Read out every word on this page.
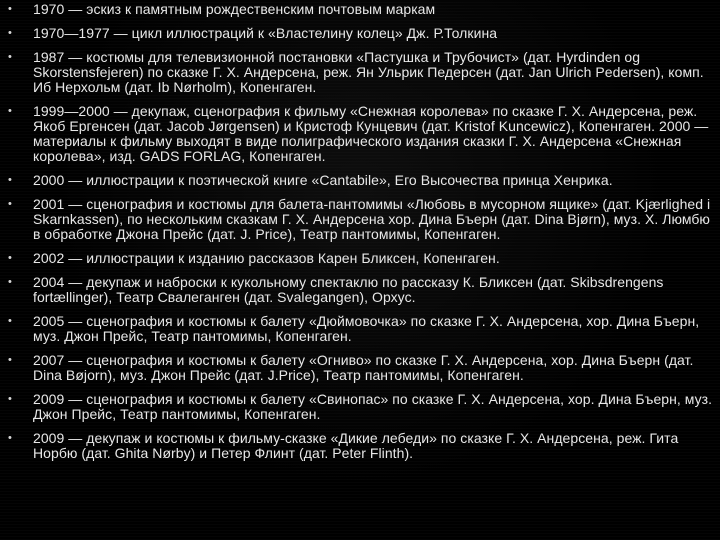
• 1970 — эскиз к памятным рождественским почтовым маркам
• 1970—1977 — цикл иллюстраций к «Властелину колец» Дж. Р.Толкина
• 1987 — костюмы для телевизионной постановки «Пастушка и Трубочист» (дат. Hyrdinden og Skorstensfejeren) по сказке Г. Х. Андерсена, реж. Ян Ульрик Педерсен (дат. Jan Ulrich Pedersen), комп. Иб Нерхольм (дат. Ib Nørholm), Копенгаген.
• 1999—2000 — декупаж, сценография к фильму «Снежная королева» по сказке Г. Х. Андерсена, реж. Якоб Ергенсен (дат. Jacob Jørgensen) и Кристоф Кунцевич (дат. Kristof Kuncewicz), Копенгаген. 2000 — материалы к фильму выходят в виде полиграфического издания сказки Г. Х. Андерсена «Снежная королева», изд. GADS FORLAG, Копенгаген.
• 2000 — иллюстрации к поэтической книге «Cantabile», Его Высочества принца Хенрика.
• 2001 — сценография и костюмы для балета-пантомимы «Любовь в мусорном ящике» (дат. Kjærlighed i Skarnkassen), по нескольким сказкам Г. Х. Андерсена хор. Дина Бъерн (дат. Dina Bjørn), муз. Х. Люмбю в обработке Джона Прейс (дат. J. Price), Театр пантомимы, Копенгаген.
• 2002 — иллюстрации к изданию рассказов Карен Бликсен, Копенгаген.
• 2004 — декупаж и наброски к кукольному спектаклю по рассказу К. Бликсен (дат. Skibsdrengens fortællinger), Театр Свалеганген (дат. Svalegangen), Орхус.
• 2005 — сценография и костюмы к балету «Дюймовочка» по сказке Г. Х. Андерсена, хор. Дина Бъерн, муз. Джон Прейс, Театр пантомимы, Копенгаген.
• 2007 — сценография и костюмы к балету «Огниво» по сказке Г. Х. Андерсена, хор. Дина Бъерн (дат. Dina Bøjorn), муз. Джон Прейс (дат. J.Price), Театр пантомимы, Копенгаген.
• 2009 — сценография и костюмы к балету «Свинопас» по сказке Г. Х. Андерсена, хор. Дина Бъерн, муз. Джон Прейс, Театр пантомимы, Копенгаген.
• 2009 — декупаж и костюмы к фильму-сказке «Дикие лебеди» по сказке Г. Х. Андерсена, реж. Гита Норбю (дат. Ghita Nørby) и Петер Флинт (дат. Peter Flinth).
